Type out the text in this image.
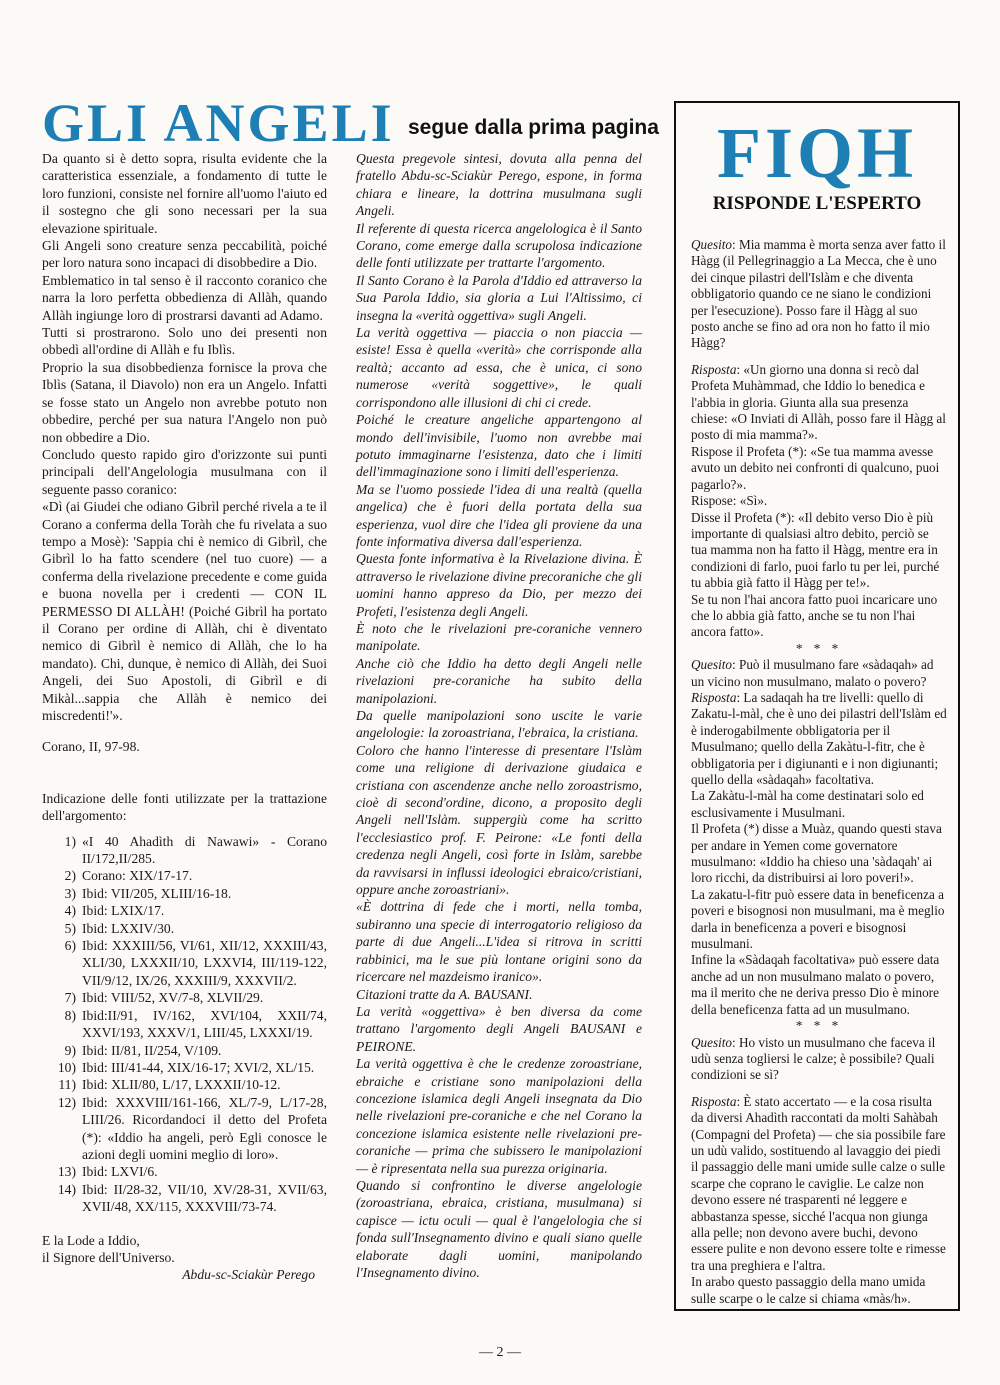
GLI ANGELI segue dalla prima pagina

Da quanto si è detto sopra, risulta evidente che la caratteristica essenziale, a fondamento di tutte le loro funzioni, consiste nel fornire all'uomo l'aiuto ed il sostegno che gli sono necessari per la sua elevazione spirituale.

Gli Angeli sono creature senza peccabilità, poiché per loro natura sono incapaci di disobbedire a Dio.

Emblematico in tal senso è il racconto coranico che narra la loro perfetta obbedienza di Allàh, quando Allàh ingiunge loro di prostrarsi davanti ad Adamo.

Tutti si prostrarono. Solo uno dei presenti non obbedì all'ordine di Allàh e fu Iblìs.

Proprio la sua disobbedienza fornisce la prova che Iblìs (Satana, il Diavolo) non era un Angelo. Infatti se fosse stato un Angelo non avrebbe potuto non obbedire, perché per sua natura l'Angelo non può non obbedire a Dio.

Concludo questo rapido giro d'orizzonte sui punti principali dell'Angelologia musulmana con il seguente passo coranico:

«Dì (ai Giudei che odiano Gibrìl perché rivela a te il Corano a conferma della Toràh che fu rivelata a suo tempo a Mosè): 'Sappia chi è nemico di Gibrìl, che Gibrìl lo ha fatto scendere (nel tuo cuore) — a conferma della rivelazione precedente e come guida e buona novella per i credenti — CON IL PERMESSO DI ALLÀH! (Poiché Gibrìl ha portato il Corano per ordine di Allàh, chi è diventato nemico di Gibrìl è nemico di Allàh, che lo ha mandato). Chi, dunque, è nemico di Allàh, dei Suoi Angeli, dei Suo Apostoli, di Gibrìl e di Mikàl...sappia che Allàh è nemico dei miscredenti!'».

Corano, II, 97-98.

Indicazione delle fonti utilizzate per la trattazione dell'argomento:

1) «I 40 Ahadìth di Nawawi» - Corano II/172,II/285.
2) Corano: XIX/17-17.
3) Ibid: VII/205, XLIII/16-18.
4) Ibid: LXIX/17.
5) Ibid: LXXIV/30.
6) Ibid: XXXIII/56, VI/61, XII/12, XXXIII/43, XLI/30, LXXXII/10, LXXVI4, III/119-122, VII/9/12, IX/26, XXXIII/9, XXXVII/2.
7) Ibid: VIII/52, XV/7-8, XLVII/29.
8) Ibid:II/91, IV/162, XVI/104, XXII/74, XXVI/193, XXXV/1, LIII/45, LXXXI/19.
9) Ibid: II/81, II/254, V/109.
10) Ibid: III/41-44, XIX/16-17; XVI/2, XL/15.
11) Ibid: XLII/80, L/17, LXXXII/10-12.
12) Ibid: XXXVIII/161-166, XL/7-9, L/17-28, LIII/26. Ricordandoci il detto del Profeta (*): «Iddio ha angeli, però Egli conosce le azioni degli uomini meglio di loro».
13) Ibid: LXVI/6.
14) Ibid: II/28-32, VII/10, XV/28-31, XVII/63, XVII/48, XX/115, XXXVIII/73-74.

E la Lode a Iddio,

il Signore dell'Universo.

Abdu-sc-Sciakùr Perego

Questa pregevole sintesi, dovuta alla penna del fratello Abdu-sc-Sciakùr Perego, espone, in forma chiara e lineare, la dottrina musulmana sugli Angeli.

Il referente di questa ricerca angelologica è il Santo Corano, come emerge dalla scrupolosa indicazione delle fonti utilizzate per trattarte l'argomento.

Il Santo Corano è la Parola d'Iddio ed attraverso la Sua Parola Iddio, sia gloria a Lui l'Altissimo, ci insegna la «verità oggettiva» sugli Angeli.

La verità oggettiva — piaccia o non piaccia — esiste! Essa è quella «verità» che corrisponde alla realtà; accanto ad essa, che è unica, ci sono numerose «verità soggettive», le quali corrispondono alle illusioni di chi ci crede.

Poiché le creature angeliche appartengono al mondo dell'invisibile, l'uomo non avrebbe mai potuto immaginarne l'esistenza, dato che i limiti dell'immaginazione sono i limiti dell'esperienza.

Ma se l'uomo possiede l'idea di una realtà (quella angelica) che è fuori della portata della sua esperienza, vuol dire che l'idea gli proviene da una fonte informativa diversa dall'esperienza.

Questa fonte informativa è la Rivelazione divina. È attraverso le rivelazione divine precoraniche che gli uomini hanno appreso da Dio, per mezzo dei Profeti, l'esistenza degli Angeli.

È noto che le rivelazioni pre-coraniche vennero manipolate.

Anche ciò che Iddio ha detto degli Angeli nelle rivelazioni pre-coraniche ha subito della manipolazioni.

Da quelle manipolazioni sono uscite le varie angelologie: la zoroastriana, l'ebraica, la cristiana.

Coloro che hanno l'interesse di presentare l'Islàm come una religione di derivazione giudaica e cristiana con ascendenze anche nello zoroastrismo, cioè di second'ordine, dicono, a proposito degli Angeli nell'Islàm. suppergiù come ha scritto l'ecclesiastico prof. F. Peirone: «Le fonti della credenza negli Angeli, così forte in Islàm, sarebbe da ravvisarsi in influssi ideologici ebraico/cristiani, oppure anche zoroastriani».

«È dottrina di fede che i morti, nella tomba, subiranno una specie di interrogatorio religioso da parte di due Angeli...L'idea si ritrova in scritti rabbinici, ma le sue più lontane origini sono da ricercare nel mazdeismo iranico».

Citazioni tratte da A. BAUSANI.

La verità «oggettiva» è ben diversa da come trattano l'argomento degli Angeli BAUSANI e PEIRONE.

La verità oggettiva è che le credenze zoroastriane, ebraiche e cristiane sono manipolazioni della concezione islamica degli Angeli insegnata da Dio nelle rivelazioni pre-coraniche e che nel Corano la concezione islamica esistente nelle rivelazioni pre-coraniche — prima che subissero le manipolazioni — è ripresentata nella sua purezza originaria.

Quando si confrontino le diverse angelologie (zoroastriana, ebraica, cristiana, musulmana) si capisce — ictu oculi — qual è l'angelologia che si fonda sull'Insegnamento divino e quali siano quelle elaborate dagli uomini, manipolando l'Insegnamento divino.

FIQH
RISPONDE L'ESPERTO

Quesito: Mia mamma è morta senza aver fatto il Hàgg (il Pellegrinaggio a La Mecca, che è uno dei cinque pilastri dell'Islàm e che diventa obbligatorio quando ce ne siano le condizioni per l'esecuzione). Posso fare il Hàgg al suo posto anche se fino ad ora non ho fatto il mio Hàgg?

Risposta: «Un giorno una donna si recò dal Profeta Muhàmmad, che Iddio lo benedica e l'abbia in gloria. Giunta alla sua presenza chiese: «O Inviati di Allàh, posso fare il Hàgg al posto di mia mamma?».

Rispose il Profeta (*): «Se tua mamma avesse avuto un debito nei confronti di qualcuno, puoi pagarlo?».

Rispose: «Sì».

Disse il Profeta (*): «Il debito verso Dio è più importante di qualsiasi altro debito, perciò se tua mamma non ha fatto il Hàgg, mentre era in condizioni di farlo, puoi farlo tu per lei, purché tu abbia già fatto il Hàgg per te!».

Se tu non l'hai ancora fatto puoi incaricare uno che lo abbia già fatto, anche se tu non l'hai ancora fatto».

* * *

Quesito: Può il musulmano fare «sàdaqah» ad un vicino non musulmano, malato o povero?

Risposta: La sadaqah ha tre livelli: quello di Zakatu-l-màl, che è uno dei pilastri dell'Islàm ed è inderogabilmente obbligatoria per il Musulmano; quello della Zakàtu-l-fitr, che è obbligatoria per i digiunanti e i non digiunanti; quello della «sàdaqah» facoltativa.

La Zakàtu-l-màl ha come destinatari solo ed esclusivamente i Musulmani.

Il Profeta (*) disse a Muàz, quando questi stava per andare in Yemen come governatore musulmano: «Iddio ha chieso una 'sàdaqah' ai loro ricchi, da distribuirsi ai loro poveri!».

La zakatu-l-fitr può essere data in beneficenza a poveri e bisognosi non musulmani, ma è meglio darla in beneficenza a poveri e bisognosi musulmani.

Infine la «Sàdaqah facoltativa» può essere data anche ad un non musulmano malato o povero, ma il merito che ne deriva presso Dio è minore della beneficenza fatta ad un musulmano.

* * *

Quesito: Ho visto un musulmano che faceva il udù senza togliersi le calze; è possibile? Quali condizioni se sì?

Risposta: È stato accertato — e la cosa risulta da diversi Ahadìth raccontati da molti Sahàbah (Compagni del Profeta) — che sia possibile fare un udù valido, sostituendo al lavaggio dei piedi il passaggio delle mani umide sulle calze o sulle scarpe che coprano le caviglie. Le calze non devono essere né trasparenti né leggere e abbastanza spesse, sicché l'acqua non giunga alla pelle; non devono avere buchi, devono essere pulite e non devono essere tolte e rimesse tra una preghiera e l'altra.

In arabo questo passaggio della mano umida sulle scarpe o le calze si chiama «màs/h».

— 2 —
